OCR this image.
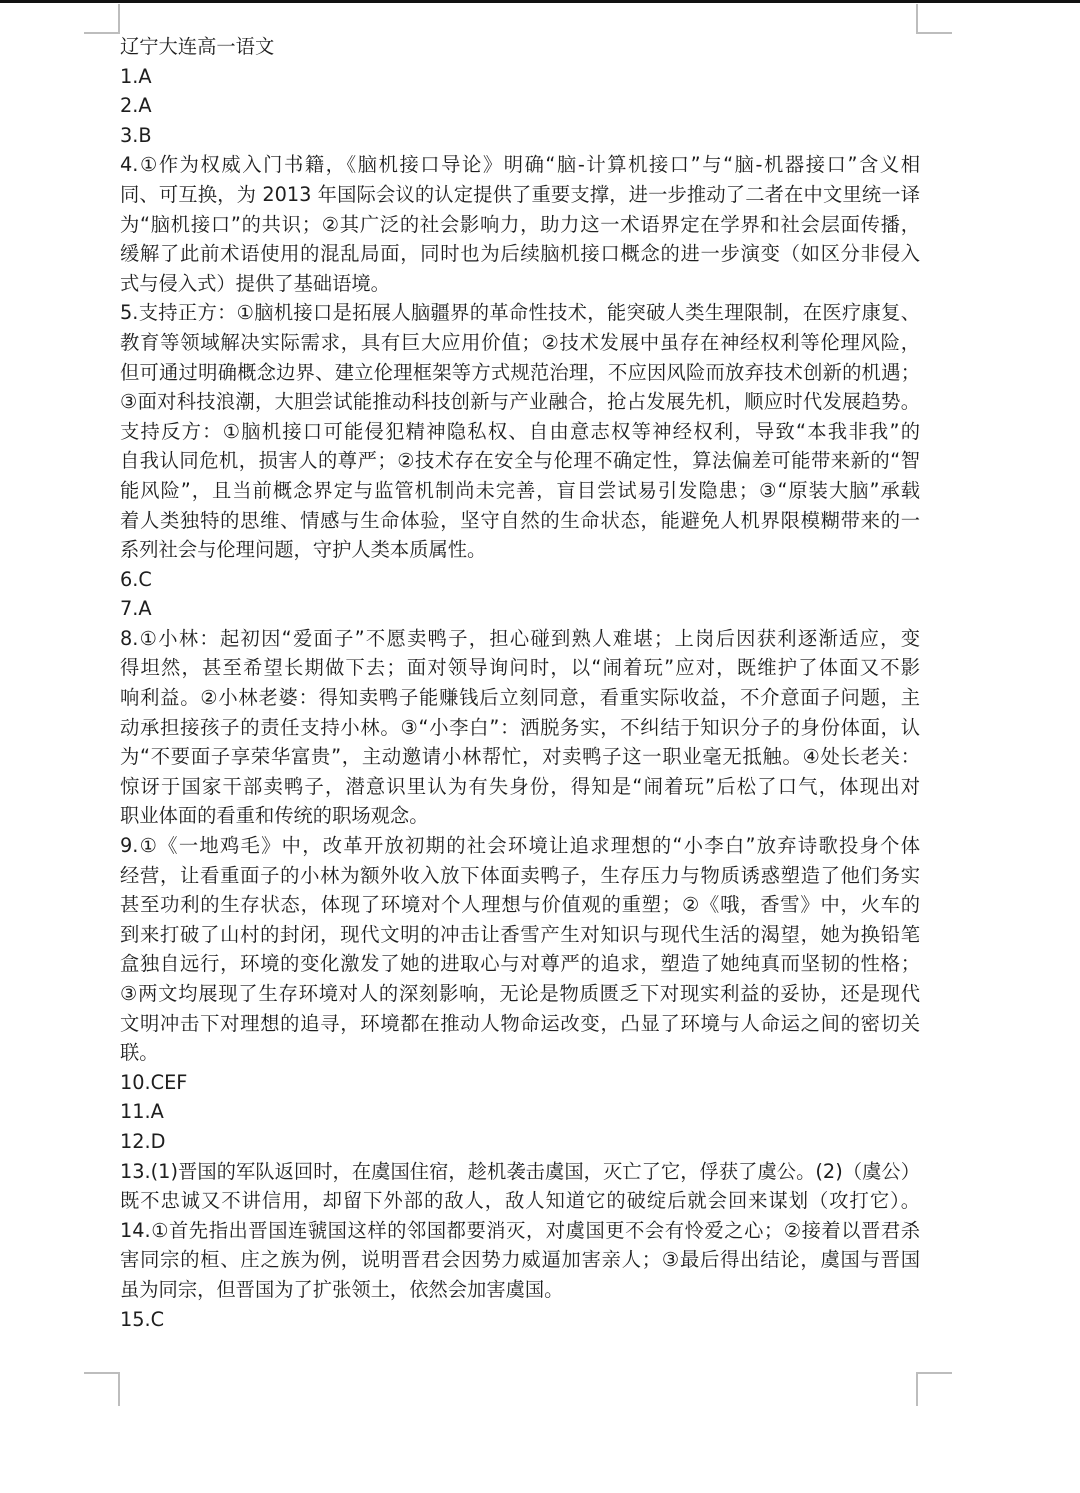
辽宁大连高一语文
1.A
2.A
3.B
4.①作为权威入门书籍，《脑机接口导论》明确“脑-计算机接口”与“脑-机器接口”含义相
同、可互换，为 2013 年国际会议的认定提供了重要支撑，进一步推动了二者在中文里统一译
为“脑机接口”的共识；②其广泛的社会影响力，助力这一术语界定在学界和社会层面传播，
缓解了此前术语使用的混乱局面，同时也为后续脑机接口概念的进一步演变（如区分非侵入
式与侵入式）提供了基础语境。
5.支持正方：①脑机接口是拓展人脑疆界的革命性技术，能突破人类生理限制，在医疗康复、
教育等领域解决实际需求，具有巨大应用价值；②技术发展中虽存在神经权利等伦理风险，
但可通过明确概念边界、建立伦理框架等方式规范治理，不应因风险而放弃技术创新的机遇；
③面对科技浪潮，大胆尝试能推动科技创新与产业融合，抢占发展先机，顺应时代发展趋势。
支持反方：①脑机接口可能侵犯精神隐私权、自由意志权等神经权利，导致“本我非我”的
自我认同危机，损害人的尊严；②技术存在安全与伦理不确定性，算法偏差可能带来新的“智
能风险”，且当前概念界定与监管机制尚未完善，盲目尝试易引发隐患；③“原装大脑”承载
着人类独特的思维、情感与生命体验，坚守自然的生命状态，能避免人机界限模糊带来的一
系列社会与伦理问题，守护人类本质属性。
6.C
7.A
8.①小林：起初因“爱面子”不愿卖鸭子，担心碰到熟人难堪；上岗后因获利逐渐适应，变
得坦然，甚至希望长期做下去；面对领导询问时，以“闹着玩”应对，既维护了体面又不影
响利益。②小林老婆：得知卖鸭子能赚钱后立刻同意，看重实际收益，不介意面子问题，主
动承担接孩子的责任支持小林。③“小李白”：洒脱务实，不纠结于知识分子的身份体面，认
为“不要面子享荣华富贵”，主动邀请小林帮忙，对卖鸭子这一职业毫无抵触。④处长老关：
惊讶于国家干部卖鸭子，潜意识里认为有失身份，得知是“闹着玩”后松了口气，体现出对
职业体面的看重和传统的职场观念。
9.①《一地鸡毛》中，改革开放初期的社会环境让追求理想的“小李白”放弃诗歌投身个体
经营，让看重面子的小林为额外收入放下体面卖鸭子，生存压力与物质诱惑塑造了他们务实
甚至功利的生存状态，体现了环境对个人理想与价值观的重塑；②《哦，香雪》中，火车的
到来打破了山村的封闭，现代文明的冲击让香雪产生对知识与现代生活的渴望，她为换铅笔
盒独自远行，环境的变化激发了她的进取心与对尊严的追求，塑造了她纯真而坚韧的性格；
③两文均展现了生存环境对人的深刻影响，无论是物质匮乏下对现实利益的妥协，还是现代
文明冲击下对理想的追寻，环境都在推动人物命运改变，凸显了环境与人命运之间的密切关
联。
10.CEF
11.A
12.D
13.(1)晋国的军队返回时，在虞国住宿，趁机袭击虞国，灭亡了它，俘获了虞公。(2)（虞公）
既不忠诚又不讲信用，却留下外部的敌人，敌人知道它的破绽后就会回来谋划（攻打它）。
14.①首先指出晋国连虢国这样的邻国都要消灭，对虞国更不会有怜爱之心；②接着以晋君杀
害同宗的桓、庄之族为例，说明晋君会因势力威逼加害亲人；③最后得出结论，虞国与晋国
虽为同宗，但晋国为了扩张领土，依然会加害虞国。
15.C
